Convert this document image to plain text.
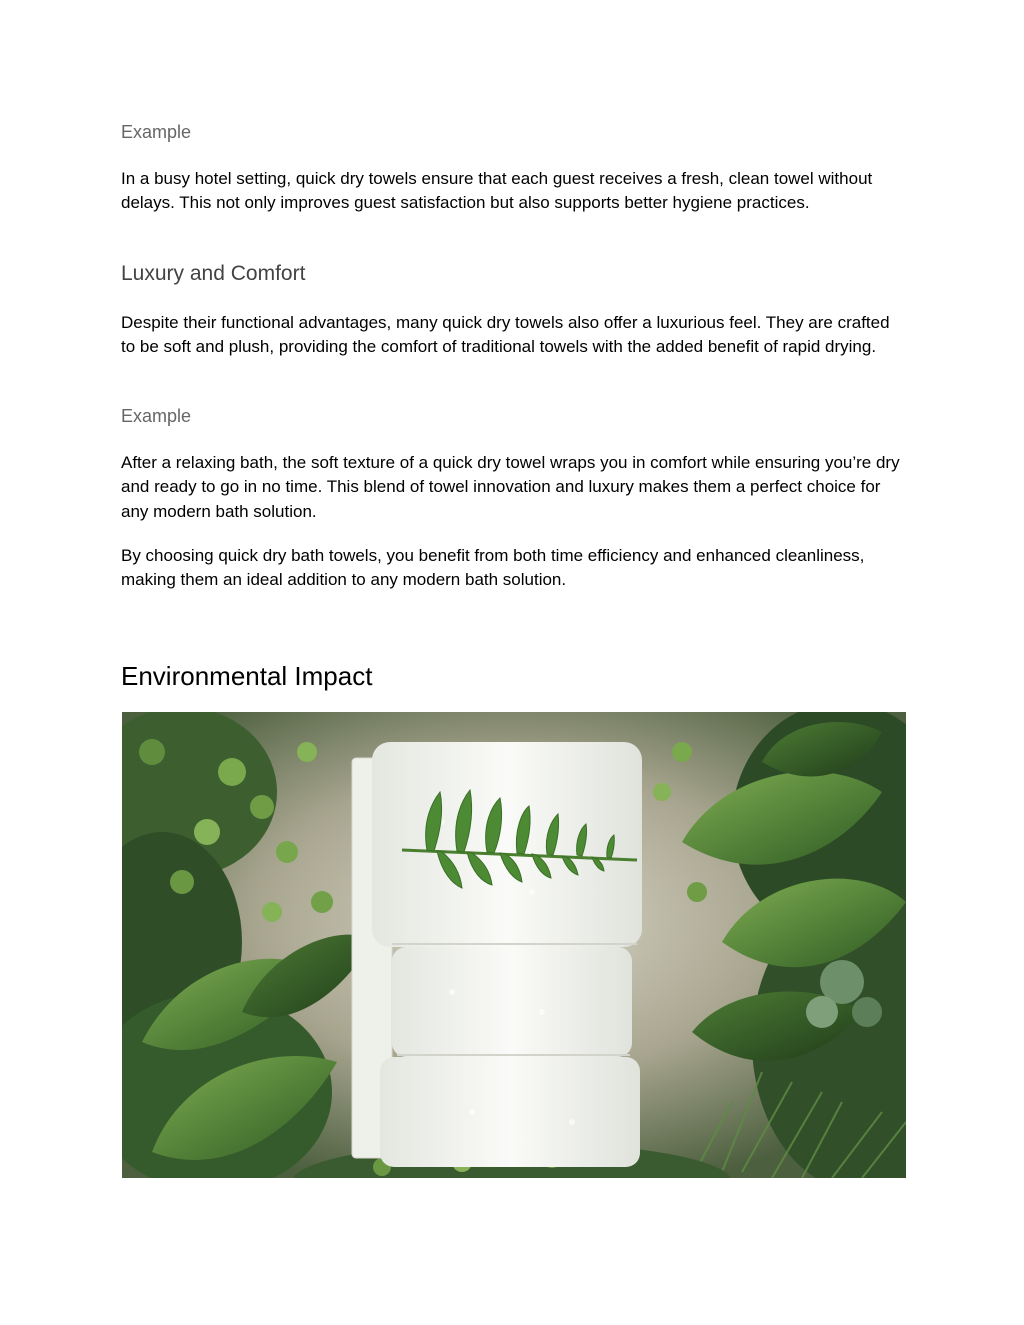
Example

In a busy hotel setting, quick dry towels ensure that each guest receives a fresh, clean towel without delays. This not only improves guest satisfaction but also supports better hygiene practices.

Luxury and Comfort

Despite their functional advantages, many quick dry towels also offer a luxurious feel. They are crafted to be soft and plush, providing the comfort of traditional towels with the added benefit of rapid drying.

Example

After a relaxing bath, the soft texture of a quick dry towel wraps you in comfort while ensuring you’re dry and ready to go in no time. This blend of towel innovation and luxury makes them a perfect choice for any modern bath solution.

By choosing quick dry bath towels, you benefit from both time efficiency and enhanced cleanliness, making them an ideal addition to any modern bath solution.

Environmental Impact
